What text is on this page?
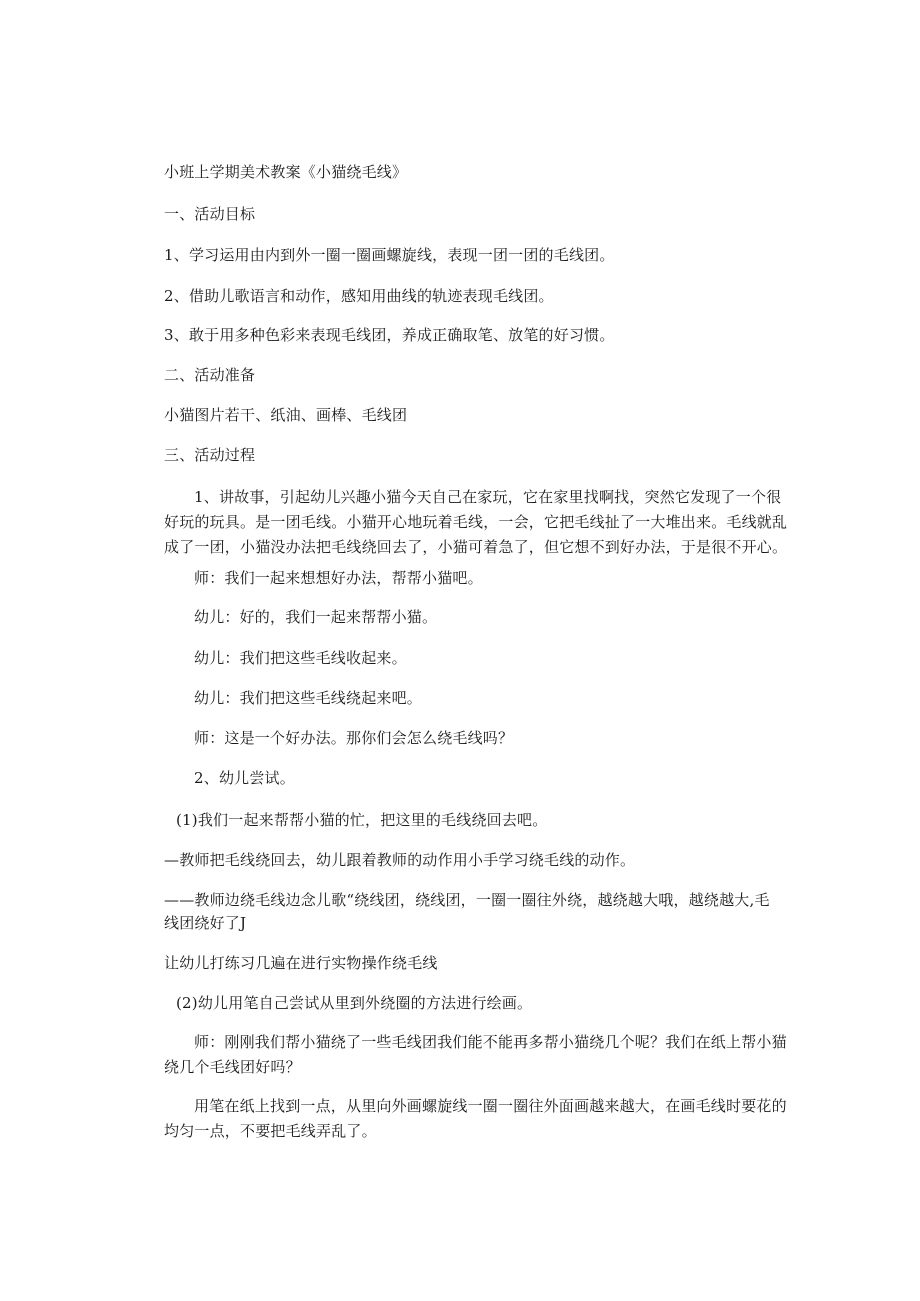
小班上学期美术教案《小猫绕毛线》

一、活动目标

1、学习运用由内到外一圈一圈画螺旋线，表现一团一团的毛线团。

2、借助儿歌语言和动作，感知用曲线的轨迹表现毛线团。

3、敢于用多种色彩来表现毛线团，养成正确取笔、放笔的好习惯。

二、活动准备

小猫图片若干、纸油、画棒、毛线团

三、活动过程

1、讲故事，引起幼儿兴趣小猫今天自己在家玩，它在家里找啊找，突然它发现了一个很好玩的玩具。是一团毛线。小猫开心地玩着毛线，一会，它把毛线扯了一大堆出来。毛线就乱成了一团，小猫没办法把毛线绕回去了，小猫可着急了，但它想不到好办法，于是很不开心。

师：我们一起来想想好办法，帮帮小猫吧。

幼儿：好的，我们一起来帮帮小猫。

幼儿：我们把这些毛线收起来。

幼儿：我们把这些毛线绕起来吧。

师：这是一个好办法。那你们会怎么绕毛线吗？

2、幼儿尝试。

(1)我们一起来帮帮小猫的忙，把这里的毛线绕回去吧。

—教师把毛线绕回去，幼儿跟着教师的动作用小手学习绕毛线的动作。

——教师边绕毛线边念儿歌“绕线团，绕线团，一圈一圈往外绕，越绕越大哦，越绕越大,毛

线团绕好了J

让幼儿打练习几遍在进行实物操作绕毛线

(2)幼儿用笔自己尝试从里到外绕圈的方法进行绘画。

师：刚刚我们帮小猫绕了一些毛线团我们能不能再多帮小猫绕几个呢？我们在纸上帮小猫绕几个毛线团好吗？

用笔在纸上找到一点，从里向外画螺旋线一圈一圈往外面画越来越大，在画毛线时要花的均匀一点，不要把毛线弄乱了。
